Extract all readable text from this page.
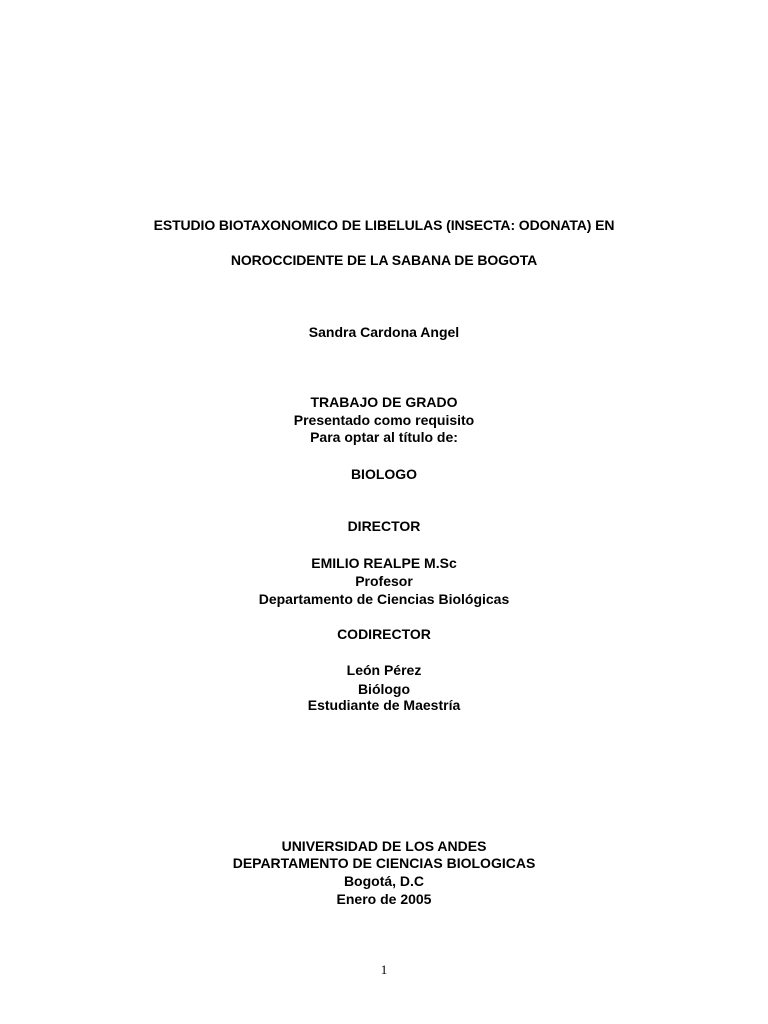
ESTUDIO BIOTAXONOMICO DE LIBELULAS (INSECTA: ODONATA) EN
NOROCCIDENTE DE LA SABANA DE BOGOTA
Sandra Cardona Angel
TRABAJO DE GRADO
Presentado como requisito
Para optar al título de:
BIOLOGO
DIRECTOR
EMILIO REALPE M.Sc
Profesor
Departamento de Ciencias Biológicas
CODIRECTOR
León Pérez
Biólogo
Estudiante de Maestría
UNIVERSIDAD DE LOS ANDES
DEPARTAMENTO DE CIENCIAS BIOLOGICAS
Bogotá, D.C
Enero de 2005
1
